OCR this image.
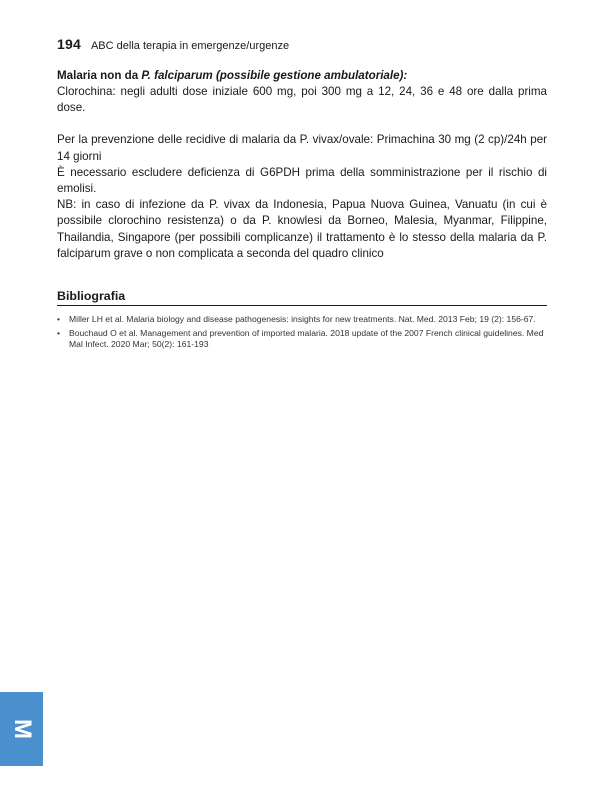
194 ABC della terapia in emergenze/urgenze

Malaria non da P. falciparum (possibile gestione ambulatoriale):

Clorochina: negli adulti dose iniziale 600 mg, poi 300 mg a 12, 24, 36 e 48 ore dalla prima dose.

Per la prevenzione delle recidive di malaria da P. vivax/ovale: Primachina 30 mg (2 cp)/24h per 14 giorni

È necessario escludere deficienza di G6PDH prima della somministrazione per il rischio di emolisi.

NB: in caso di infezione da P. vivax da Indonesia, Papua Nuova Guinea, Vanuatu (in cui è possibile clorochino resistenza) o da P. knowlesi da Borneo, Malesia, Myanmar, Filippine, Thailandia, Singapore (per possibili complicanze) il trattamento è lo stesso della malaria da P. falciparum grave o non complicata a seconda del quadro clinico

Bibliografia
• Miller LH et al. Malaria biology and disease pathogenesis: insights for new treatments. Nat. Med. 2013 Feb; 19 (2): 156-67.
• Bouchaud O et al. Management and prevention of imported malaria. 2018 update of the 2007 French clinical guidelines. Med Mal Infect. 2020 Mar; 50(2): 161-193
M
